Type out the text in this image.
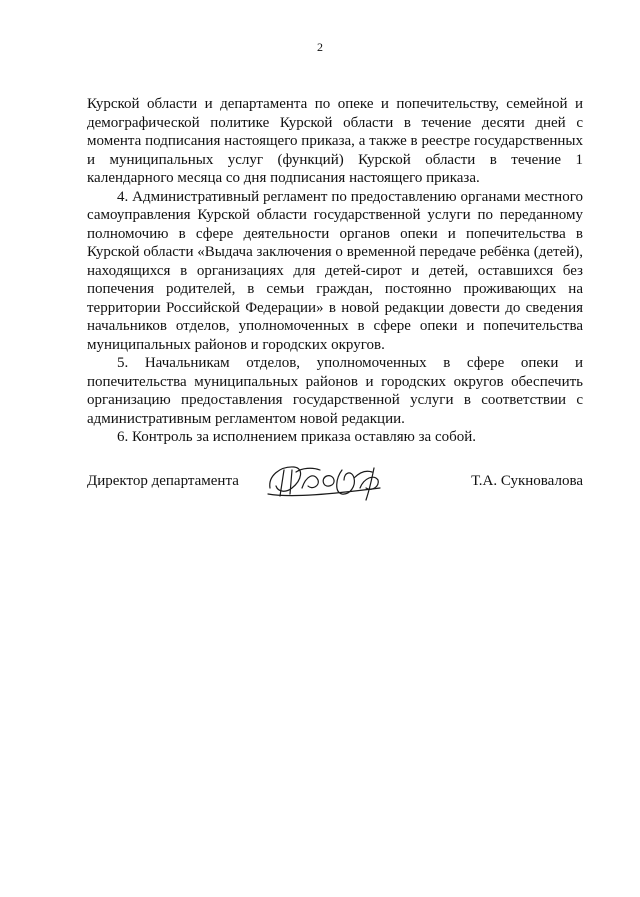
2

Курской области и департамента по опеке и попечительству, семейной и демографической политике Курской области в течение десяти дней с момента подписания настоящего приказа, а также в реестре государственных и муниципальных услуг (функций) Курской области в течение 1 календарного месяца со дня подписания настоящего приказа.

4. Административный регламент по предоставлению органами местного самоуправления Курской области государственной услуги по переданному полномочию в сфере деятельности органов опеки и попечительства в Курской области «Выдача заключения о временной передаче ребёнка (детей), находящихся в организациях для детей-сирот и детей, оставшихся без попечения родителей, в семьи граждан, постоянно проживающих на территории Российской Федерации» в новой редакции довести до сведения начальников отделов, уполномоченных в сфере опеки и попечительства муниципальных районов и городских округов.

5. Начальникам отделов, уполномоченных в сфере опеки и попечительства муниципальных районов и городских округов обеспечить организацию предоставления государственной услуги в соответствии с административным регламентом новой редакции.

6. Контроль за исполнением приказа оставляю за собой.

Директор департамента	Т.А. Сукновалова
